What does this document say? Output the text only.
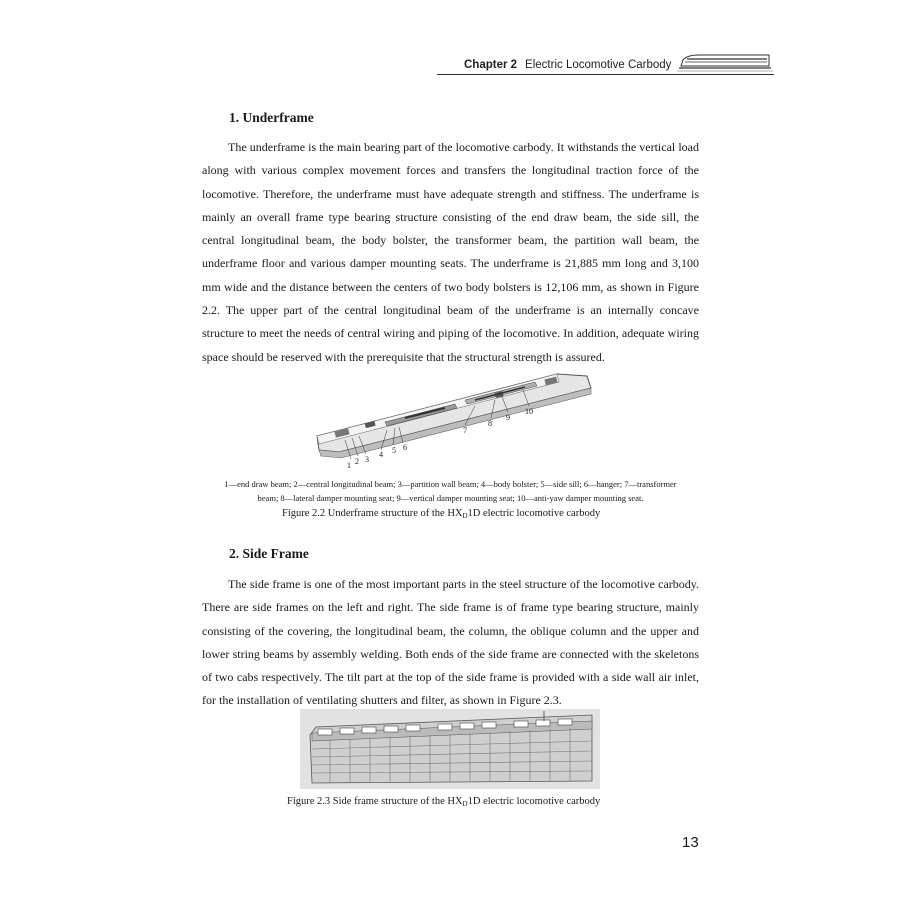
Chapter 2 Electric Locomotive Carbody
1. Underframe

The underframe is the main bearing part of the locomotive carbody. It withstands the vertical load along with various complex movement forces and transfers the longitudinal traction force of the locomotive. Therefore, the underframe must have adequate strength and stiffness. The underframe is mainly an overall frame type bearing structure consisting of the end draw beam, the side sill, the central longitudinal beam, the body bolster, the transformer beam, the partition wall beam, the underframe floor and various damper mounting seats. The underframe is 21,885 mm long and 3,100 mm wide and the distance between the centers of two body bolsters is 12,106 mm, as shown in Figure 2.2. The upper part of the central longitudinal beam of the underframe is an internally concave structure to meet the needs of central wiring and piping of the locomotive. In addition, adequate wiring space should be reserved with the prerequisite that the structural strength is assured.

1 2 3
4 5 6
7
8
9
10
1—end draw beam; 2—central longitudinal beam; 3—partition wall beam; 4—body bolster; 5—side sill; 6—hanger; 7—transformer
beam; 8—lateral damper mounting seat; 9—vertical damper mounting seat; 10—anti-yaw damper mounting seat.
Figure 2.2 Underframe structure of the $HX_D1D$ electric locomotive carbody
2. Side Frame

The side frame is one of the most important parts in the steel structure of the locomotive carbody. There are side frames on the left and right. The side frame is of frame type bearing structure, mainly consisting of the covering, the longitudinal beam, the column, the oblique column and the upper and lower string beams by assembly welding. Both ends of the side frame are connected with the skeletons of two cabs respectively. The tilt part at the top of the side frame is provided with a side wall air inlet, for the installation of ventilating shutters and filter, as shown in Figure 2.3.

Figure 2.3 Side frame structure of the $HX_D1D$ electric locomotive carbody
13
